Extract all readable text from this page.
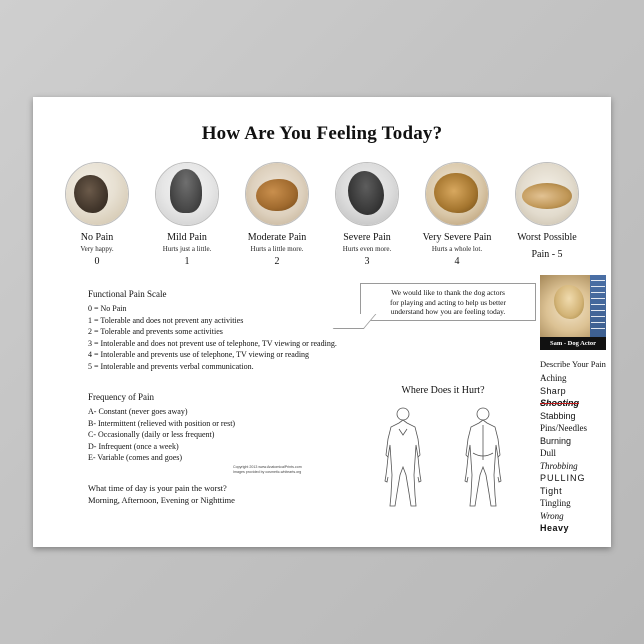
How Are You Feeling Today?
No Pain
Very happy.
0
Mild Pain
Hurts just a little.
1
Moderate Pain
Hurts a little more.
2
Severe Pain
Hurts even more.
3
Very Severe Pain
Hurts a whole lot.
4
Worst Possible
Pain - 5
Functional Pain Scale
0 = No Pain
1 = Tolerable and does not prevent any activities
2 = Tolerable and prevents some activities
3 = Intolerable and does not prevent use of telephone, TV viewing or reading.
4 = Intolerable and prevents use of telephone, TV viewing or reading
5 = Intolerable and prevents verbal communication.
Frequency of Pain
A- Constant (never goes away)
B- Intermittent (relieved with position or rest)
C- Occasionally (daily or less frequent)
D- Infrequent (once a week)
E- Variable (comes and goes)
What time of day is your pain the worst?
Morning, Afternoon, Evening or Nighttime
We would like to thank the dog actors
for playing and acting to help us better
understand how you are feeling today.
Sam - Dog Actor
Describe Your Pain
Aching
Sharp
Shooting
Stabbing
Pins/Needles
Burning
Dull
Throbbing
PULLING
Tight
Tingling
Wrong
Heavy
Where Does it Hurt?
Copyright 2013 www.AnatomicalPrints.com
Images provided by cosmetic-whitearts.org
